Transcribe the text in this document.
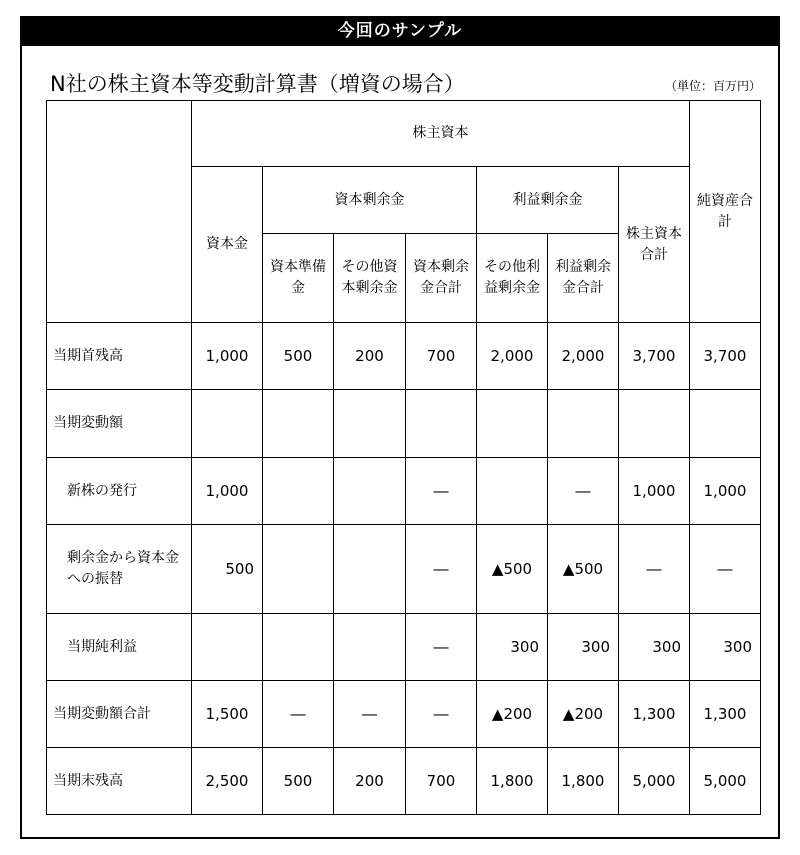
今回のサンプル
N社の株主資本等変動計算書（増資の場合）	（単位：百万円）
	株主資本							純資産合計

	資本金	資本剰余金			利益剰余金		株主資本合計	

		資本準備金	その他資本剰余金	資本剰余金合計	その他利益剰余金	利益剰余金合計		

当期首残高	1,000	500	200	700	2,000	2,000	3,700	3,700
当期変動額								
新株の発行	1,000			―		―	1,000	1,000

剰余金から資本金への振替	500			―	▲500	▲500	―	―
当期純利益				―	300	300	300	300
当期変動額合計	1,500	―	―	―	▲200	▲200	1,300	1,300
当期末残高	2,500	500	200	700	1,800	1,800	5,000	5,000
